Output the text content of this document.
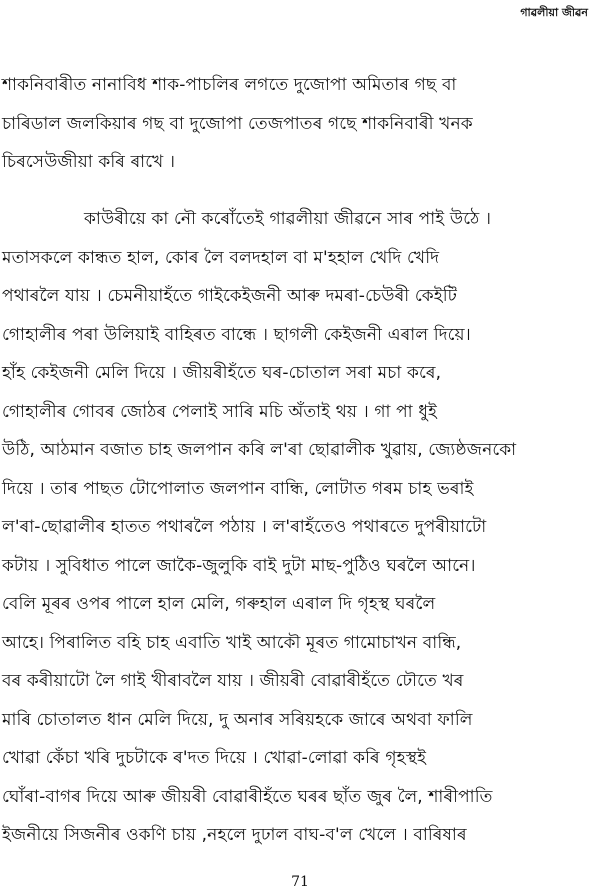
গাৱলীয়া জীৱন
শাকনিবাৰীত নানাবিধ শাক-পাচলিৰ লগতে দুজোপা অমিতাৰ গছ বা
চাৰিডাল জলকিয়াৰ গছ বা দুজোপা তেজপাতৰ গছে শাকনিবাৰী খনক
চিৰসেউজীয়া কৰি ৰাখে ।
কাউৰীয়ে কা নৌ কৰোঁতেই গাৱলীয়া জীৱনে সাৰ পাই উঠে ।
মতাসকলে কান্ধত হাল, কোৰ লৈ বলদহাল বা ম'হহাল খেদি খেদি
পথাৰলৈ যায় । চেমনীয়াহঁতে গাইকেইজনী আৰু দমৰা-চেউৰী কেইটি
গোহালীৰ পৰা উলিয়াই বাহিৰত বান্ধে । ছাগলী কেইজনী এৰাল দিয়ে।
হাঁহ কেইজনী মেলি দিয়ে । জীয়ৰীহঁতে ঘৰ-চোতাল সৰা মচা কৰে,
গোহালীৰ গোবৰ জোঠৰ পেলাই সাৰি মচি অঁতাই থয় । গা পা ধুই
উঠি, আঠমান বজাত চাহ জলপান কৰি ল'ৰা ছোৱালীক খুৱায়, জ্যেষ্ঠজনকো
দিয়ে । তাৰ পাছত টোপোলাত জলপান বান্ধি, লোটাত গৰম চাহ ভৰাই
ল'ৰা-ছোৱালীৰ হাতত পথাৰলৈ পঠায় । ল'ৰাহঁতেও পথাৰতে দুপৰীয়াটো
কটায় । সুবিধাত পালে জাকৈ-জুলুকি বাই দুটা মাছ-পুঠিও ঘৰলৈ আনে।
বেলি মূৰৰ ওপৰ পালে হাল মেলি, গৰুহাল এৰাল দি গৃহস্থ ঘৰলৈ
আহে। পিৰালিত বহি চাহ এবাতি খাই আকৌ মূৰত গামোচাখন বান্ধি,
বৰ কৰীয়াটো লৈ গাই খীৰাবলৈ যায় । জীয়ৰী বোৱাৰীহঁতে ঢৌতে খৰ
মাৰি চোতালত ধান মেলি দিয়ে, দু অনাৰ সৰিয়হকে জাৰে অথবা ফালি
খোৱা কেঁচা খৰি দুচটাকে ৰ'দত দিয়ে । খোৱা-লোৱা কৰি গৃহস্থই
ঘোঁৰা-বাগৰ দিয়ে আৰু জীয়ৰী বোৱাৰীহঁতে ঘৰৰ ছাঁত জুৰ লৈ, শাৰীপাতি
ইজনীয়ে সিজনীৰ ওকণি চায় ,নহলে দুঢাল বাঘ-ব'ল খেলে । বাৰিষাৰ
71
